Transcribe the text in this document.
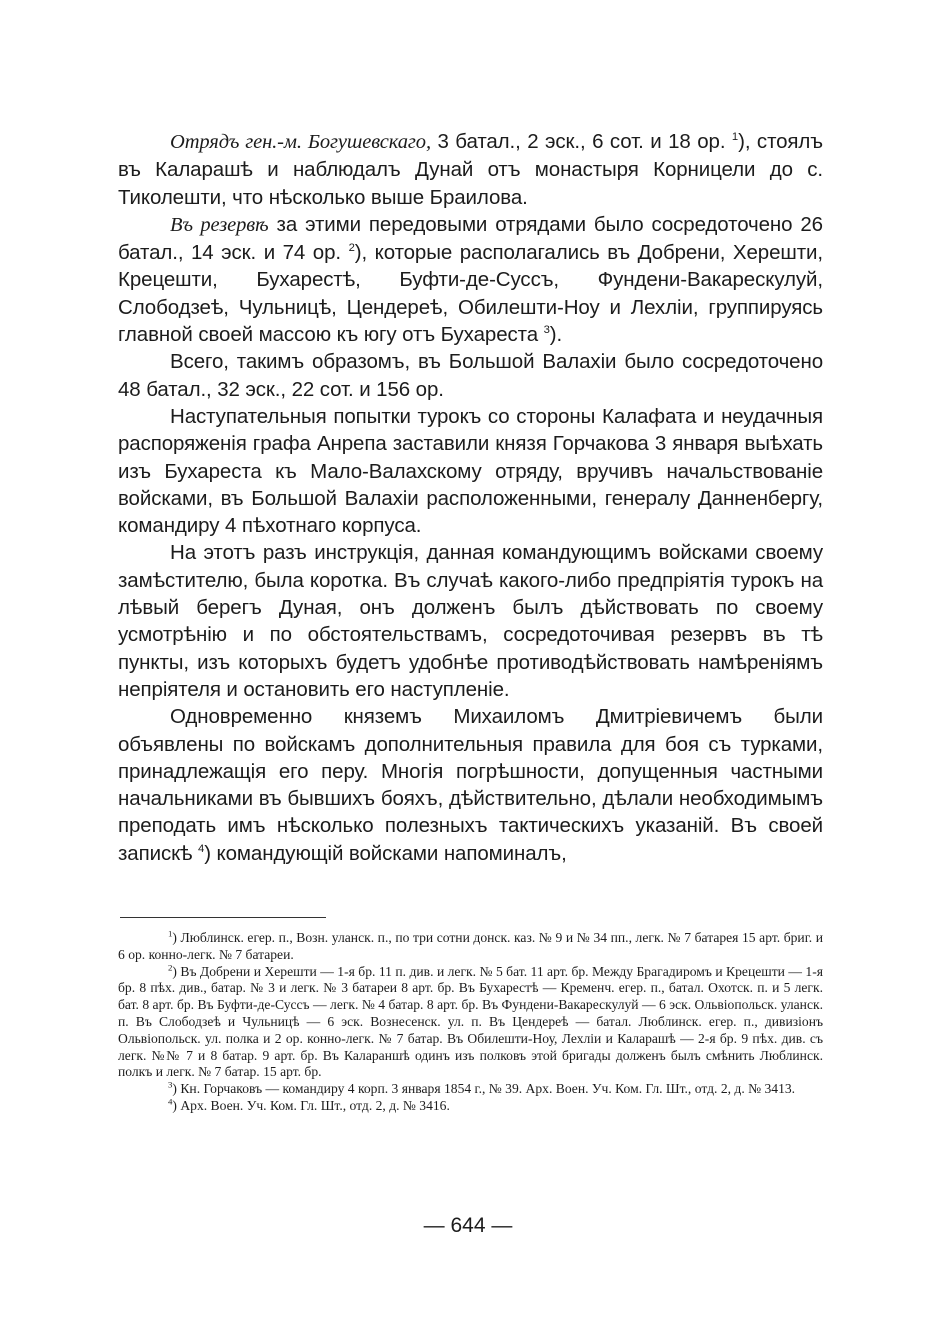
Отрядъ ген.-м. Богушевскаго, 3 батал., 2 эск., 6 сот. и 18 ор. $^1$), стоялъ въ Каларашѣ и наблюдалъ Дунай отъ монастыря Корницели до с. Тиколешти, что нѣсколько выше Браилова.

Въ резервѣ за этими передовыми отрядами было сосредоточено 26 батал., 14 эск. и 74 ор. $^2$), которые располагались въ Добрени, Херешти, Крецешти, Бухарестѣ, Буфти-де-Суссъ, Фундени-Вакарескулуй, Слободзеѣ, Чульницѣ, Цендереѣ, Обилешти-Ноу и Лехліи, группируясь главной своей массою къ югу отъ Бухареста $^3$).

Всего, такимъ образомъ, въ Большой Валахіи было сосредоточено 48 батал., 32 эск., 22 сот. и 156 ор.

Наступательныя попытки турокъ со стороны Калафата и неудачныя распоряженія графа Анрепа заставили князя Горчакова 3 января выѣхать изъ Бухареста къ Мало-Валахскому отряду, вручивъ начальствованіе войсками, въ Большой Валахіи расположенными, генералу Данненбергу, командиру 4 пѣхотнаго корпуса.

На этотъ разъ инструкція, данная командующимъ войсками своему замѣстителю, была коротка. Въ случаѣ какого-либо предпріятія турокъ на лѣвый берегъ Дуная, онъ долженъ былъ дѣйствовать по своему усмотрѣнію и по обстоятельствамъ, сосредоточивая резервъ въ тѣ пункты, изъ которыхъ будетъ удобнѣе противодѣйствовать намѣреніямъ непріятеля и остановить его наступленіе.

Одновременно княземъ Михаиломъ Дмитріевичемъ были объявлены по войскамъ дополнительныя правила для боя съ турками, принадлежащія его перу. Многія погрѣшности, допущенныя частными начальниками въ бывшихъ бояхъ, дѣйствительно, дѣлали необходимымъ преподать имъ нѣсколько полезныхъ тактическихъ указаній. Въ своей запискѣ $^4$) командующій войсками напоминалъ,

$^1$) Люблинск. егер. п., Возн. уланск. п., по три сотни донск. каз. № 9 и № 34 пп., легк. № 7 батарея 15 арт. бриг. и 6 ор. конно-легк. № 7 батареи.

$^2$) Въ Добрени и Херешти — 1-я бр. 11 п. див. и легк. № 5 бат. 11 арт. бр. Между Брагадиромъ и Крецешти — 1-я бр. 8 пѣх. див., батар. № 3 и легк. № 3 батареи 8 арт. бр. Въ Бухарестѣ — Кременч. егер. п., батал. Охотск. п. и 5 легк. бат. 8 арт. бр. Въ Буфти-де-Суссъ — легк. № 4 батар. 8 арт. бр. Въ Фундени-Вакарескулуй — 6 эск. Ольвіопольск. уланск. п. Въ Слободзеѣ и Чульницѣ — 6 эск. Вознесенск. ул. п. Въ Цендереѣ — батал. Люблинск. егер. п., дивизіонъ Ольвіопольск. ул. полка и 2 ор. конно-легк. № 7 батар. Въ Обилешти-Ноу, Лехліи и Каларашѣ — 2-я бр. 9 пѣх. див. съ легк. №№ 7 и 8 батар. 9 арт. бр. Въ Калараншѣ одинъ изъ полковъ этой бригады долженъ былъ смѣнить Люблинск. полкъ и легк. № 7 батар. 15 арт. бр.

$^3$) Кн. Горчаковъ — командиру 4 корп. 3 января 1854 г., № 39. Арх. Воен. Уч. Ком. Гл. Шт., отд. 2, д. № 3413.

$^4$) Арх. Воен. Уч. Ком. Гл. Шт., отд. 2, д. № 3416.

— 644 —
